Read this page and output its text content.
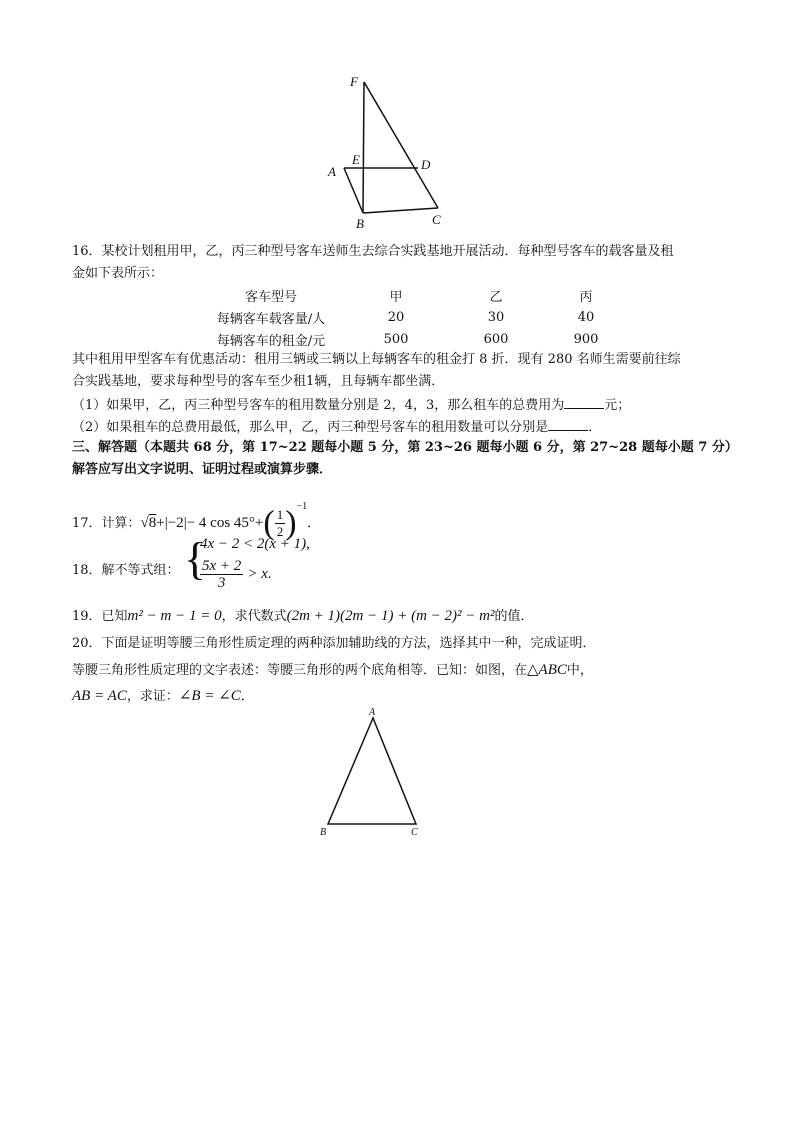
F
E	D
A
B	C
16．某校计划租用甲，乙，丙三种型号客车送师生去综合实践基地开展活动．每种型号客车的载客量及租
金如下表所示：
客车型号	甲	乙	丙
每辆客车载客量/人	20	30	40
每辆客车的租金/元	500	600	900
其中租用甲型客车有优惠活动：租用三辆或三辆以上每辆客车的租金打 8 折．现有 280 名师生需要前往综
合实践基地，要求每种型号的客车至少租1辆，且每辆车都坐满．
（1）如果甲，乙，丙三种型号客车的租用数量分别是 2，4，3，那么租车的总费用为	元；
（2）如果租车的总费用最低，那么甲，乙，丙三种型号客车的租用数量可以分别是	．
三、解答题（本题共 68 分，第 17~22 题每小题 5 分，第 23~26 题每小题 6 分，第 27~28 题每小题 7 分）
解答应写出文字说明、证明过程或演算步骤．
17．计算：√8+|−2|− 4 $\cos 45^\circ+( \frac{1}{2} )^{-1}$．
18．解不等式组： {
4x − 2 < 2(x + 1),
$\frac{5x + 2}{3} > x$.
19．已知m² − m − 1 = 0，求代数式(2m + 1)(2m − 1) + (m − 2)² − m²的值．
20．下面是证明等腰三角形性质定理的两种添加辅助线的方法，选择其中一种，完成证明．
等腰三角形性质定理的文字表述：等腰三角形的两个底角相等．已知：如图，在△ABC中，
AB = AC，求证：∠B = ∠C．
A
B	C
